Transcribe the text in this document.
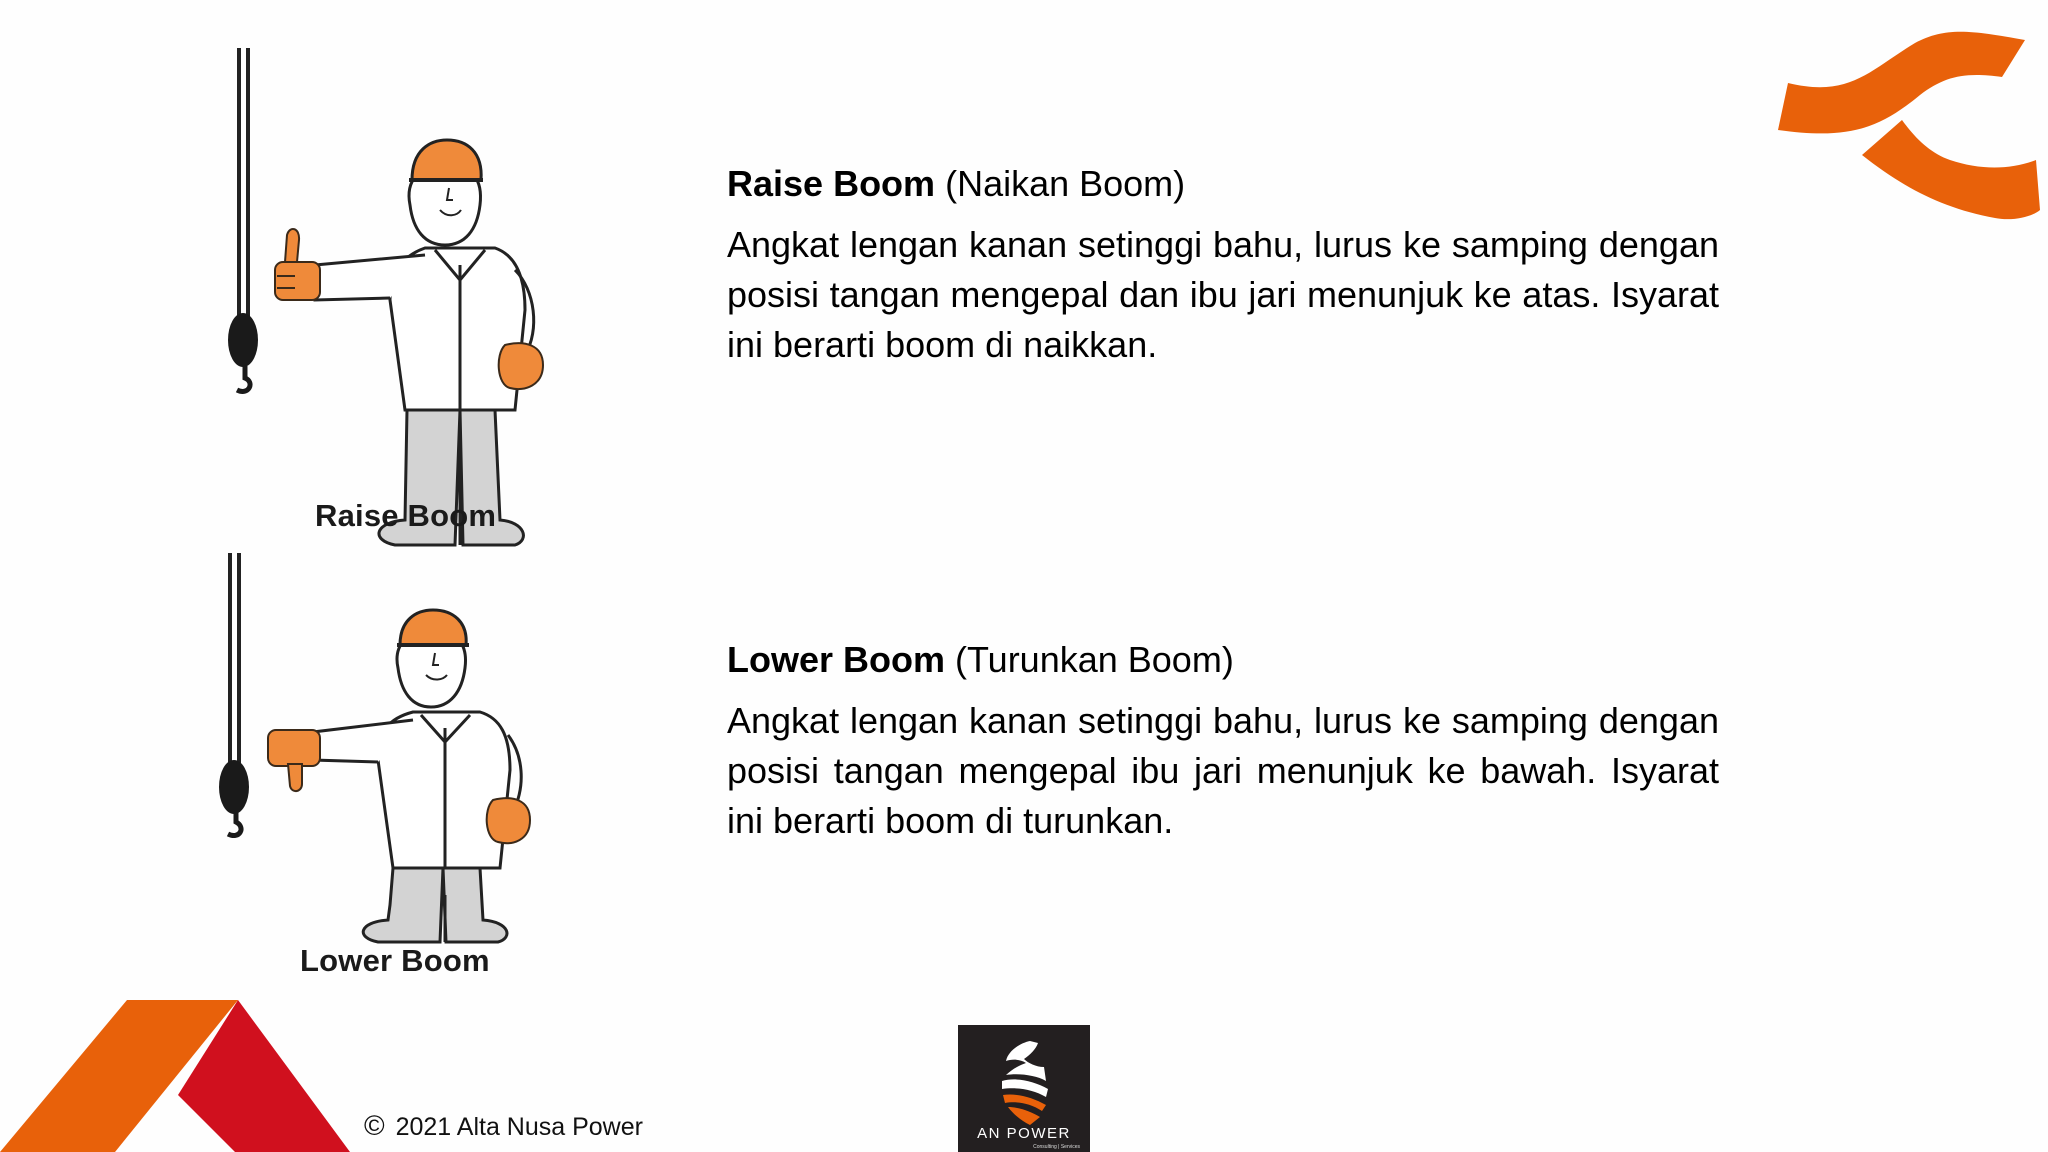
Raise Boom
Lower Boom
Raise Boom (Naikan Boom)

Angkat lengan kanan setinggi bahu, lurus ke samping dengan posisi tangan mengepal dan ibu jari menunjuk ke atas. Isyarat ini berarti boom di naikkan.

Lower Boom (Turunkan Boom)

Angkat lengan kanan setinggi bahu, lurus ke samping dengan posisi tangan mengepal ibu jari menunjuk ke bawah. Isyarat ini berarti boom di turunkan.

© 2021 Alta Nusa Power	AN POWER
Consulting | Services
